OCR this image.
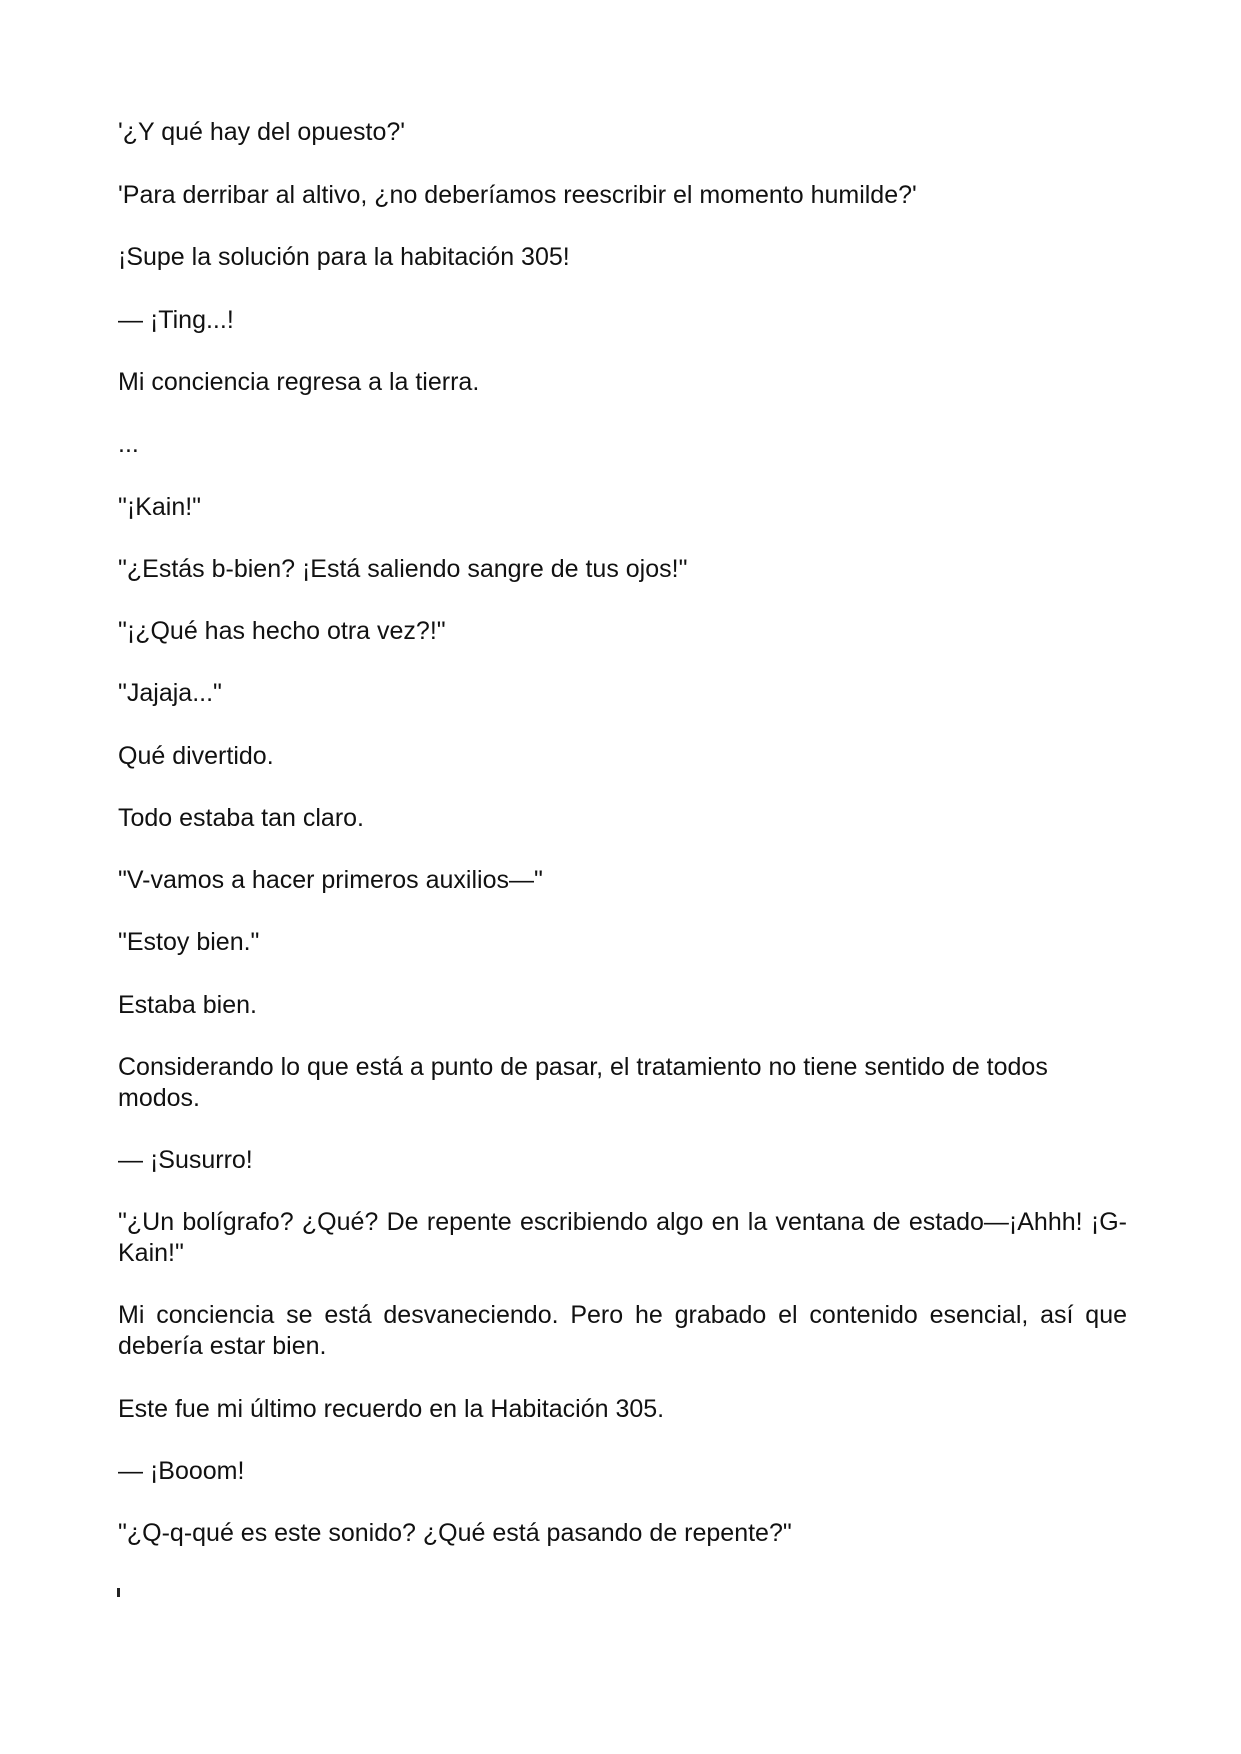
'¿Y qué hay del opuesto?'

'Para derribar al altivo, ¿no deberíamos reescribir el momento humilde?'

¡Supe la solución para la habitación 305!

— ¡Ting...!

Mi conciencia regresa a la tierra.

...

"¡Kain!"

"¿Estás b-bien? ¡Está saliendo sangre de tus ojos!"

"¡¿Qué has hecho otra vez?!"

"Jajaja..."

Qué divertido.

Todo estaba tan claro.

"V-vamos a hacer primeros auxilios—"

"Estoy bien."

Estaba bien.

Considerando lo que está a punto de pasar, el tratamiento no tiene sentido de todos modos.

— ¡Susurro!

"¿Un bolígrafo? ¿Qué? De repente escribiendo algo en la ventana de estado—¡Ahhh! ¡G-Kain!"

Mi conciencia se está desvaneciendo. Pero he grabado el contenido esencial, así que debería estar bien.

Este fue mi último recuerdo en la Habitación 305.

— ¡Booom!

"¿Q-q-qué es este sonido? ¿Qué está pasando de repente?"
